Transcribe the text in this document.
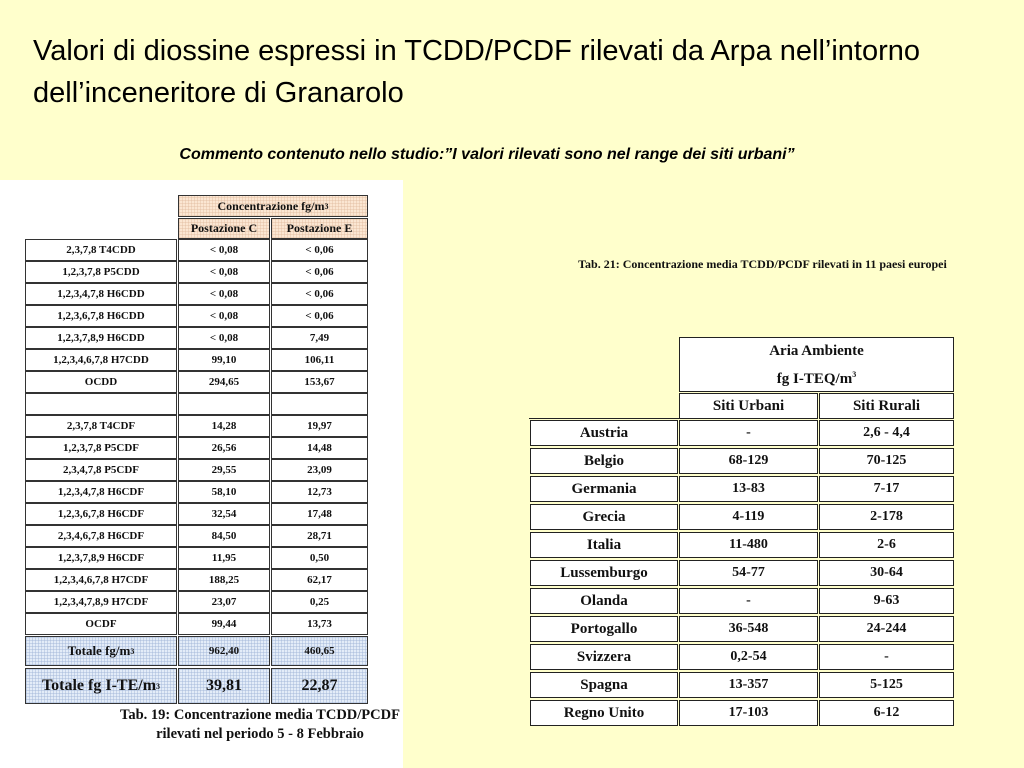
Valori di diossine espressi in TCDD/PCDF rilevati da Arpa nell’intorno dell’inceneritore di Granarolo
Commento contenuto nello studio:”I valori rilevati sono nel range dei siti urbani”
Concentrazione fg/m 3
Postazione C Postazione E
2,3,7,8 T4CDD	< 0,08	< 0,06
1,2,3,7,8 P5CDD	< 0,08	< 0,06
1,2,3,4,7,8 H6CDD	< 0,08	< 0,06
1,2,3,6,7,8 H6CDD	< 0,08	< 0,06
1,2,3,7,8,9 H6CDD	< 0,08	7,49
1,2,3,4,6,7,8 H7CDD	99,10	106,11
OCDD	294,65	153,67
2,3,7,8 T4CDF	14,28	19,97
1,2,3,7,8 P5CDF	26,56	14,48
2,3,4,7,8 P5CDF	29,55	23,09
1,2,3,4,7,8 H6CDF	58,10	12,73
1,2,3,6,7,8 H6CDF	32,54	17,48
2,3,4,6,7,8 H6CDF	84,50	28,71
1,2,3,7,8,9 H6CDF	11,95	0,50
1,2,3,4,6,7,8 H7CDF	188,25	62,17
1,2,3,4,7,8,9 H7CDF	23,07	0,25
OCDF	99,44	13,73
Totale fg/m 3	962,40	460,65
Totale fg I-TE/m 3	39,81	22,87
Tab. 19: Concentrazione media TCDD/PCDF rilevati nel periodo 5 - 8 Febbraio
Tab. 21: Concentrazione media TCDD/PCDF rilevati in 11 paesi europei
Aria Ambiente
fg $I-TEQ/m^3$
Siti Urbani	Siti Rurali
Austria	-	2,6 - 4,4
Belgio	68-129	70-125
Germania	13-83	7-17
Grecia	4-119	2-178
Italia	11-480	2-6
Lussemburgo	54-77	30-64
Olanda	-	9-63
Portogallo	36-548	24-244
Svizzera	0,2-54	-
Spagna	13-357	5-125
Regno Unito	17-103	6-12
